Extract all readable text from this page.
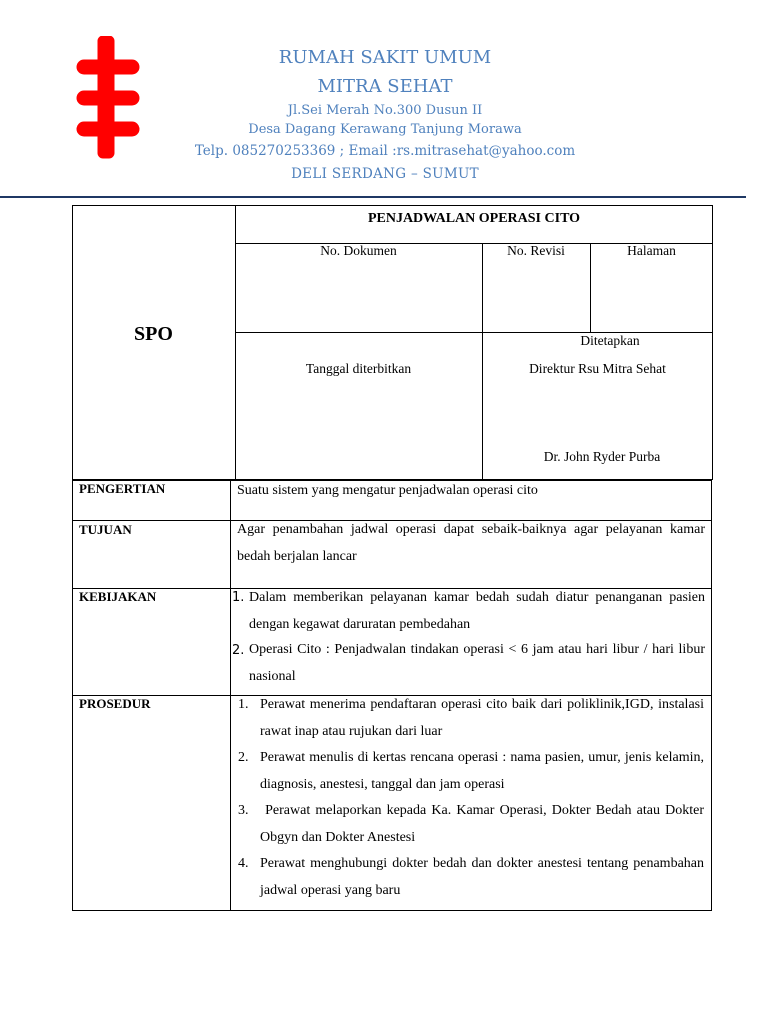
RUMAH SAKIT UMUM
MITRA SEHAT
Jl.Sei Merah No.300 Dusun II
Desa Dagang Kerawang Tanjung Morawa
Telp. 085270253369 ; Email :rs.mitrasehat@yahoo.com
DELI SERDANG – SUMUT
SPO
PENJADWALAN OPERASI CITO
No. Dokumen	No. Revisi	Halaman
Tanggal diterbitkan
Ditetapkan
Direktur Rsu Mitra Sehat
Dr. John Ryder Purba
PENGERTIAN	Suatu sistem yang mengatur penjadwalan operasi cito
TUJUAN	Agar penambahan jadwal operasi dapat sebaik-baiknya agar pelayanan kamar bedah berjalan lancar
KEBIJAKAN	1. Dalam memberikan pelayanan kamar bedah sudah diatur penanganan pasien dengan kegawat daruratan pembedahan
2. Operasi Cito : Penjadwalan tindakan operasi < 6 jam atau hari libur / hari libur nasional
PROSEDUR	1. Perawat menerima pendaftaran operasi cito baik dari poliklinik,IGD, instalasi rawat inap atau rujukan dari luar
2. Perawat menulis di kertas rencana operasi : nama pasien, umur, jenis kelamin, diagnosis, anestesi, tanggal dan jam operasi
3. Perawat melaporkan kepada Ka. Kamar Operasi, Dokter Bedah atau Dokter Obgyn dan Dokter Anestesi
4. Perawat menghubungi dokter bedah dan dokter anestesi tentang penambahan jadwal operasi yang baru
